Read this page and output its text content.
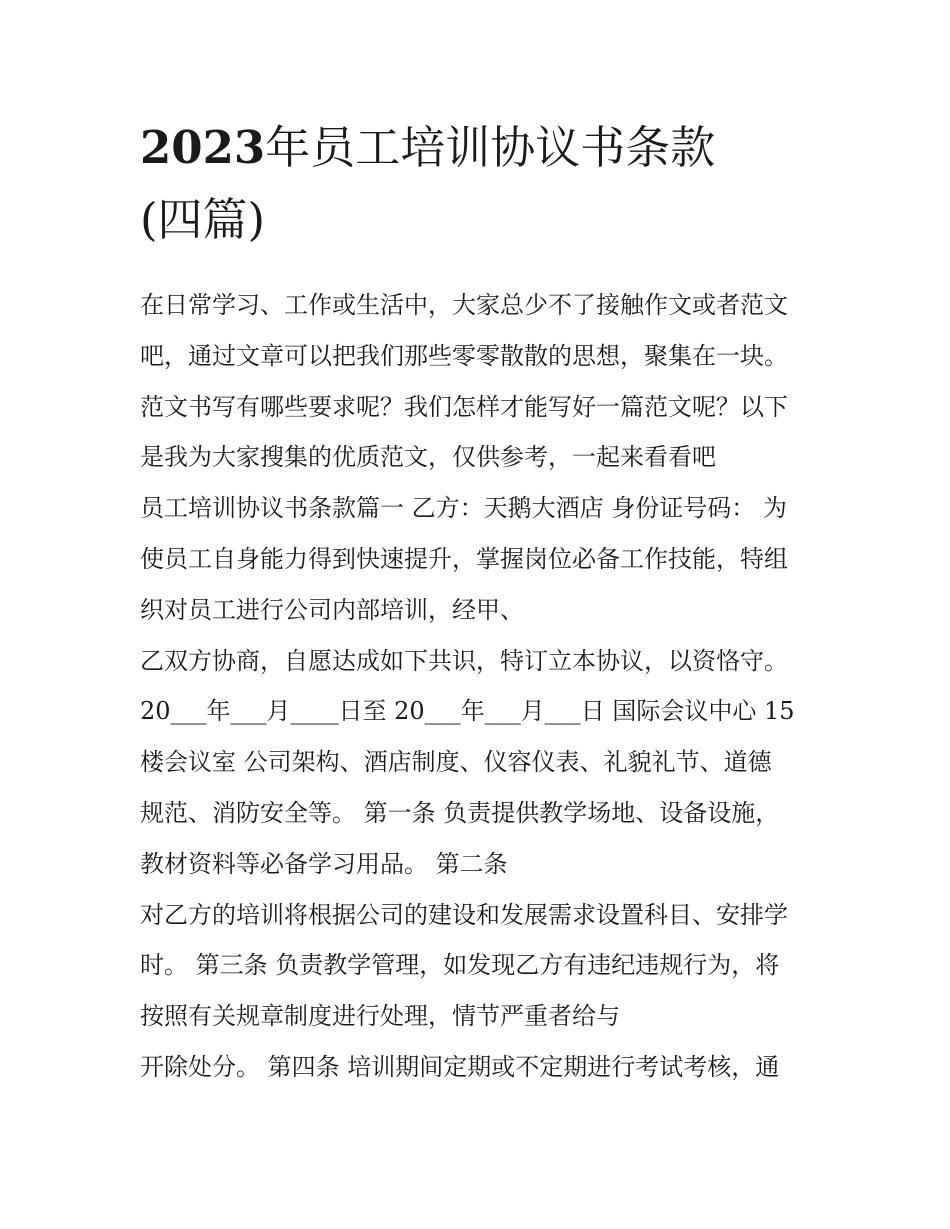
2023年员工培训协议书条款
(四篇)
在日常学习、工作或生活中，大家总少不了接触作文或者范文
吧，通过文章可以把我们那些零零散散的思想，聚集在一块。
范文书写有哪些要求呢？我们怎样才能写好一篇范文呢？以下
是我为大家搜集的优质范文，仅供参考，一起来看看吧
员工培训协议书条款篇一 乙方：天鹅大酒店 身份证号码： 为
使员工自身能力得到快速提升，掌握岗位必备工作技能，特组
织对员工进行公司内部培训，经甲、
乙双方协商，自愿达成如下共识，特订立本协议，以资恪守。
20___年___月____日至 20___年___月___日 国际会议中心 15
楼会议室 公司架构、酒店制度、仪容仪表、礼貌礼节、道德
规范、消防安全等。 第一条 负责提供教学场地、设备设施，
教材资料等必备学习用品。 第二条
对乙方的培训将根据公司的建设和发展需求设置科目、安排学
时。 第三条 负责教学管理，如发现乙方有违纪违规行为，将
按照有关规章制度进行处理，情节严重者给与
开除处分。 第四条 培训期间定期或不定期进行考试考核，通
